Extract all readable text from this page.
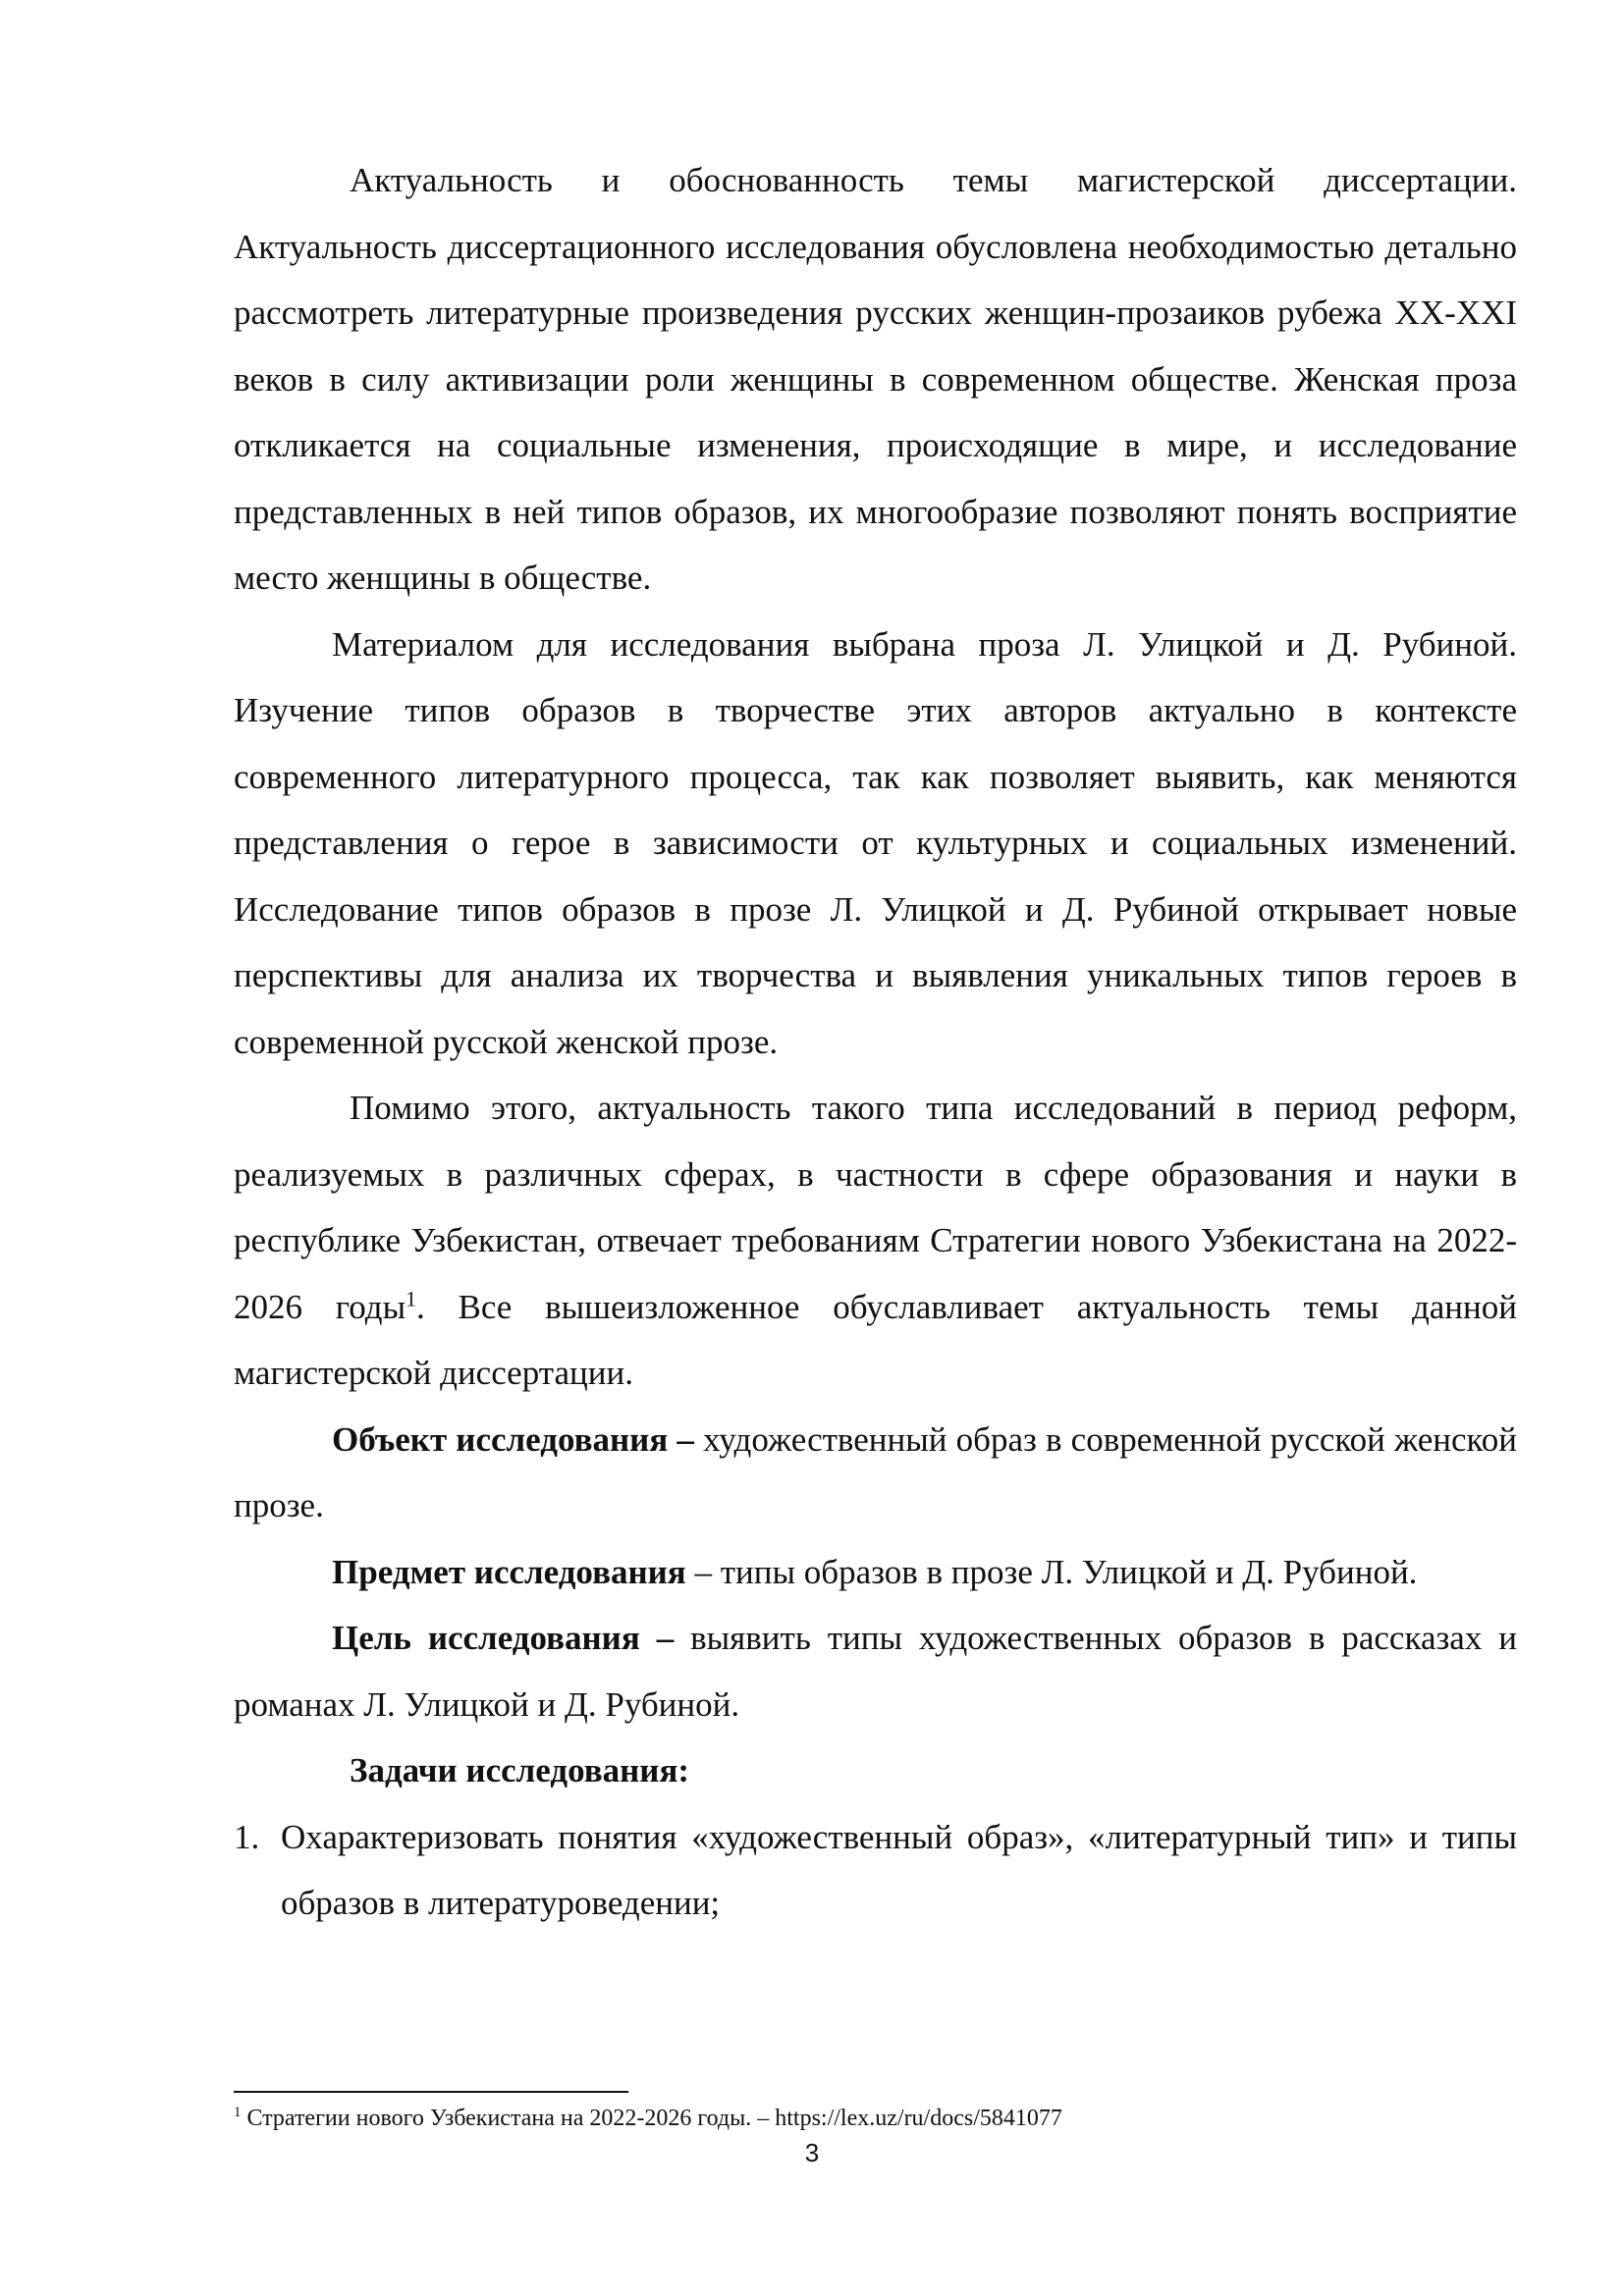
Актуальность и обоснованность темы магистерской диссертации. Актуальность диссертационного исследования обусловлена необходимостью детально рассмотреть литературные произведения русских женщин-прозаиков рубежа XX-XXI веков в силу активизации роли женщины в современном обществе. Женская проза откликается на социальные изменения, происходящие в мире, и исследование представленных в ней типов образов, их многообразие позволяют понять восприятие место женщины в обществе.

Материалом для исследования выбрана проза Л. Улицкой и Д. Рубиной. Изучение типов образов в творчестве этих авторов актуально в контексте современного литературного процесса, так как позволяет выявить, как меняются представления о герое в зависимости от культурных и социальных изменений. Исследование типов образов в прозе Л. Улицкой и Д. Рубиной открывает новые перспективы для анализа их творчества и выявления уникальных типов героев в современной русской женской прозе.

Помимо этого, актуальность такого типа исследований в период реформ, реализуемых в различных сферах, в частности в сфере образования и науки в республике Узбекистан, отвечает требованиям Стратегии нового Узбекистана на 2022-2026 годы$^1$. Все вышеизложенное обуславливает актуальность темы данной магистерской диссертации.

Объект исследования – художественный образ в современной русской женской прозе.

Предмет исследования – типы образов в прозе Л. Улицкой и Д. Рубиной.

Цель исследования – выявить типы художественных образов в рассказах и романах Л. Улицкой и Д. Рубиной.

Задачи исследования:

1. Охарактеризовать понятия «художественный образ», «литературный тип» и типы образов в литературоведении;

$^1$ Стратегии нового Узбекистана на 2022-2026 годы. – https://lex.uz/ru/docs/5841077

3
